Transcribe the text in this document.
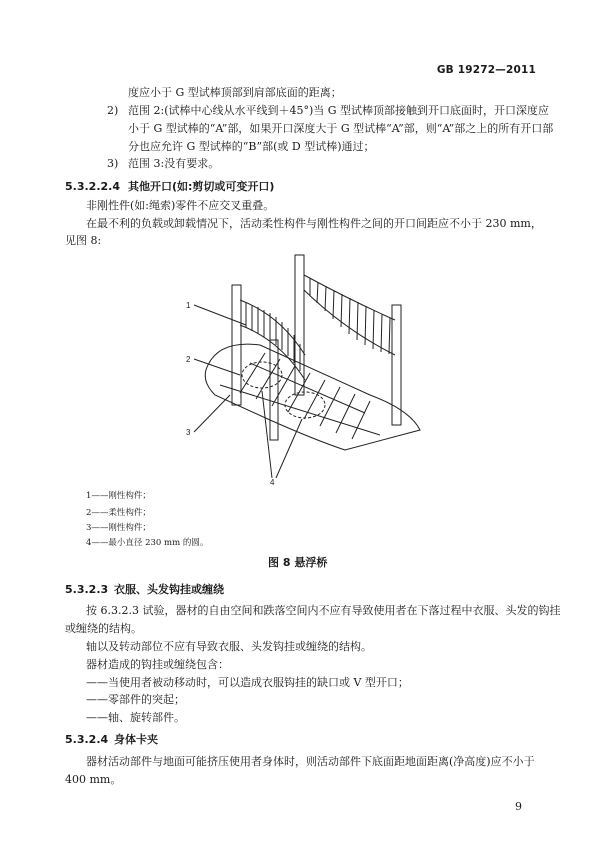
GB 19272—2011
度应小于 G 型试棒顶部到肩部底面的距离；
2) 范围 2:(试棒中心线从水平线到＋45°)当 G 型试棒顶部接触到开口底面时，开口深度应
小于 G 型试棒的“A”部，如果开口深度大于 G 型试棒“A”部，则“A”部之上的所有开口部
分也应允许 G 型试棒的“B”部(或 D 型试棒)通过；
3) 范围 3:没有要求。
5.3.2.2.4 其他开口(如:剪切或可变开口)
非刚性件(如:绳索)零件不应交叉重叠。
在最不利的负载或卸载情况下，活动柔性构件与刚性构件之间的开口间距应不小于 230 mm，
见图 8:
1
2
3
4
1——刚性构件；
2——柔性构件；
3——刚性构件；
4——最小直径 230 mm 的圆。
图 8 悬浮桥
5.3.2.3 衣服、头发钩挂或缠绕
按 6.3.2.3 试验，器材的自由空间和跌落空间内不应有导致使用者在下落过程中衣服、头发的钩挂
或缠绕的结构。
轴以及转动部位不应有导致衣服、头发钩挂或缠绕的结构。
器材造成的钩挂或缠绕包含：
——当使用者被动移动时，可以造成衣服钩挂的缺口或 V 型开口；
——零部件的突起；
——轴、旋转部件。
5.3.2.4 身体卡夹
器材活动部件与地面可能挤压使用者身体时，则活动部件下底面距地面距离(净高度)应不小于
400 mm。
9
